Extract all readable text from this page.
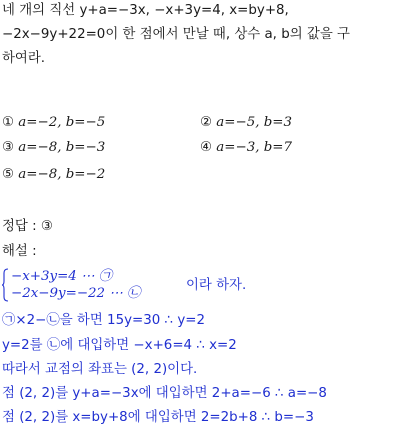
네 개의 직선 y+a=−3x, −x+3y=4, x=by+8,
−2x−9y+22=0이 한 점에서 만날 때, 상수 a, b의 값을 구
하여라.
① a=−2, b=−5	② a=−5, b=3
③ a=−8, b=−3	④ a=−3, b=7
⑤ a=−8, b=−2
정답 : ③
해설 :
−x+3y=4 ⋯ ㉠
−2x−9y=−22 ⋯ ㉡
이라 하자.
㉠×2−㉡을 하면 15y=30 ∴ y=2
y=2를 ㉡에 대입하면 −x+6=4 ∴ x=2
따라서 교점의 좌표는 (2, 2)이다.
점 (2, 2)를 y+a=−3x에 대입하면 2+a=−6 ∴ a=−8
점 (2, 2)를 x=by+8에 대입하면 2=2b+8 ∴ b=−3
